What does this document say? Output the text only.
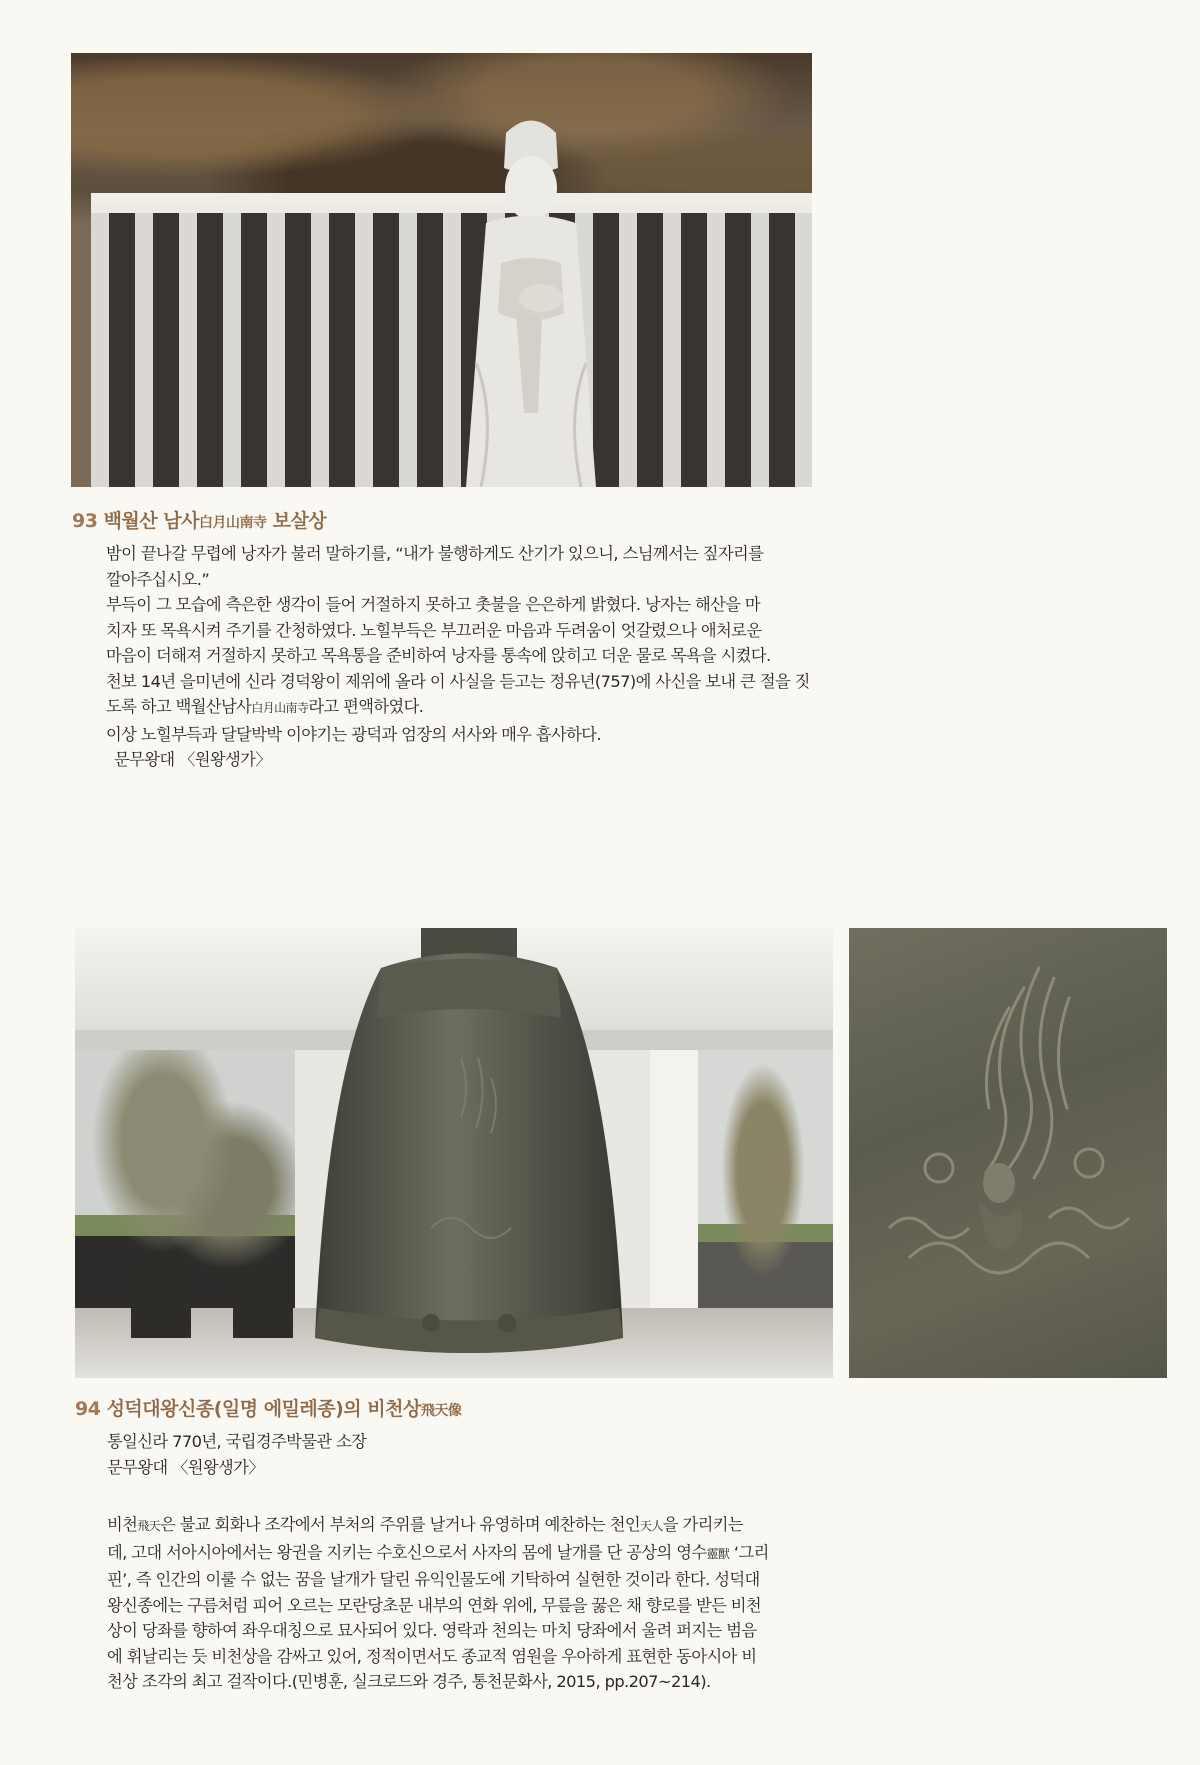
93 백월산 남사白月山南寺 보살상

밤이 끝나갈 무렵에 낭자가 불러 말하기를, “내가 불행하게도 산기가 있으니, 스님께서는 짚자리를

깔아주십시오.”

부득이 그 모습에 측은한 생각이 들어 거절하지 못하고 촛불을 은은하게 밝혔다. 낭자는 해산을 마

치자 또 목욕시켜 주기를 간청하였다. 노힐부득은 부끄러운 마음과 두려움이 엇갈렸으나 애처로운

마음이 더해져 거절하지 못하고 목욕통을 준비하여 낭자를 통속에 앉히고 더운 물로 목욕을 시켰다.

천보 14년 을미년에 신라 경덕왕이 제위에 올라 이 사실을 듣고는 정유년(757)에 사신을 보내 큰 절을 짓

도록 하고 백월산남사白月山南寺라고 편액하였다.

이상 노힐부득과 달달박박 이야기는 광덕과 엄장의 서사와 매우 흡사하다.

문무왕대 〈원왕생가〉

94 성덕대왕신종(일명 에밀레종)의 비천상飛天像

통일신라 770년, 국립경주박물관 소장

문무왕대 〈원왕생가〉

비천飛天은 불교 회화나 조각에서 부처의 주위를 날거나 유영하며 예찬하는 천인天人을 가리키는

데, 고대 서아시아에서는 왕권을 지키는 수호신으로서 사자의 몸에 날개를 단 공상의 영수靈獸 ‘그리

핀’, 즉 인간의 이룰 수 없는 꿈을 날개가 달린 유익인물도에 기탁하여 실현한 것이라 한다. 성덕대

왕신종에는 구름처럼 피어 오르는 모란당초문 내부의 연화 위에, 무릎을 꿇은 채 향로를 받든 비천

상이 당좌를 향하여 좌우대칭으로 묘사되어 있다. 영락과 천의는 마치 당좌에서 울려 퍼지는 범음

에 휘날리는 듯 비천상을 감싸고 있어, 정적이면서도 종교적 염원을 우아하게 표현한 동아시아 비

천상 조각의 최고 걸작이다.(민병훈, 실크로드와 경주, 통천문화사, 2015, pp.207~214).
